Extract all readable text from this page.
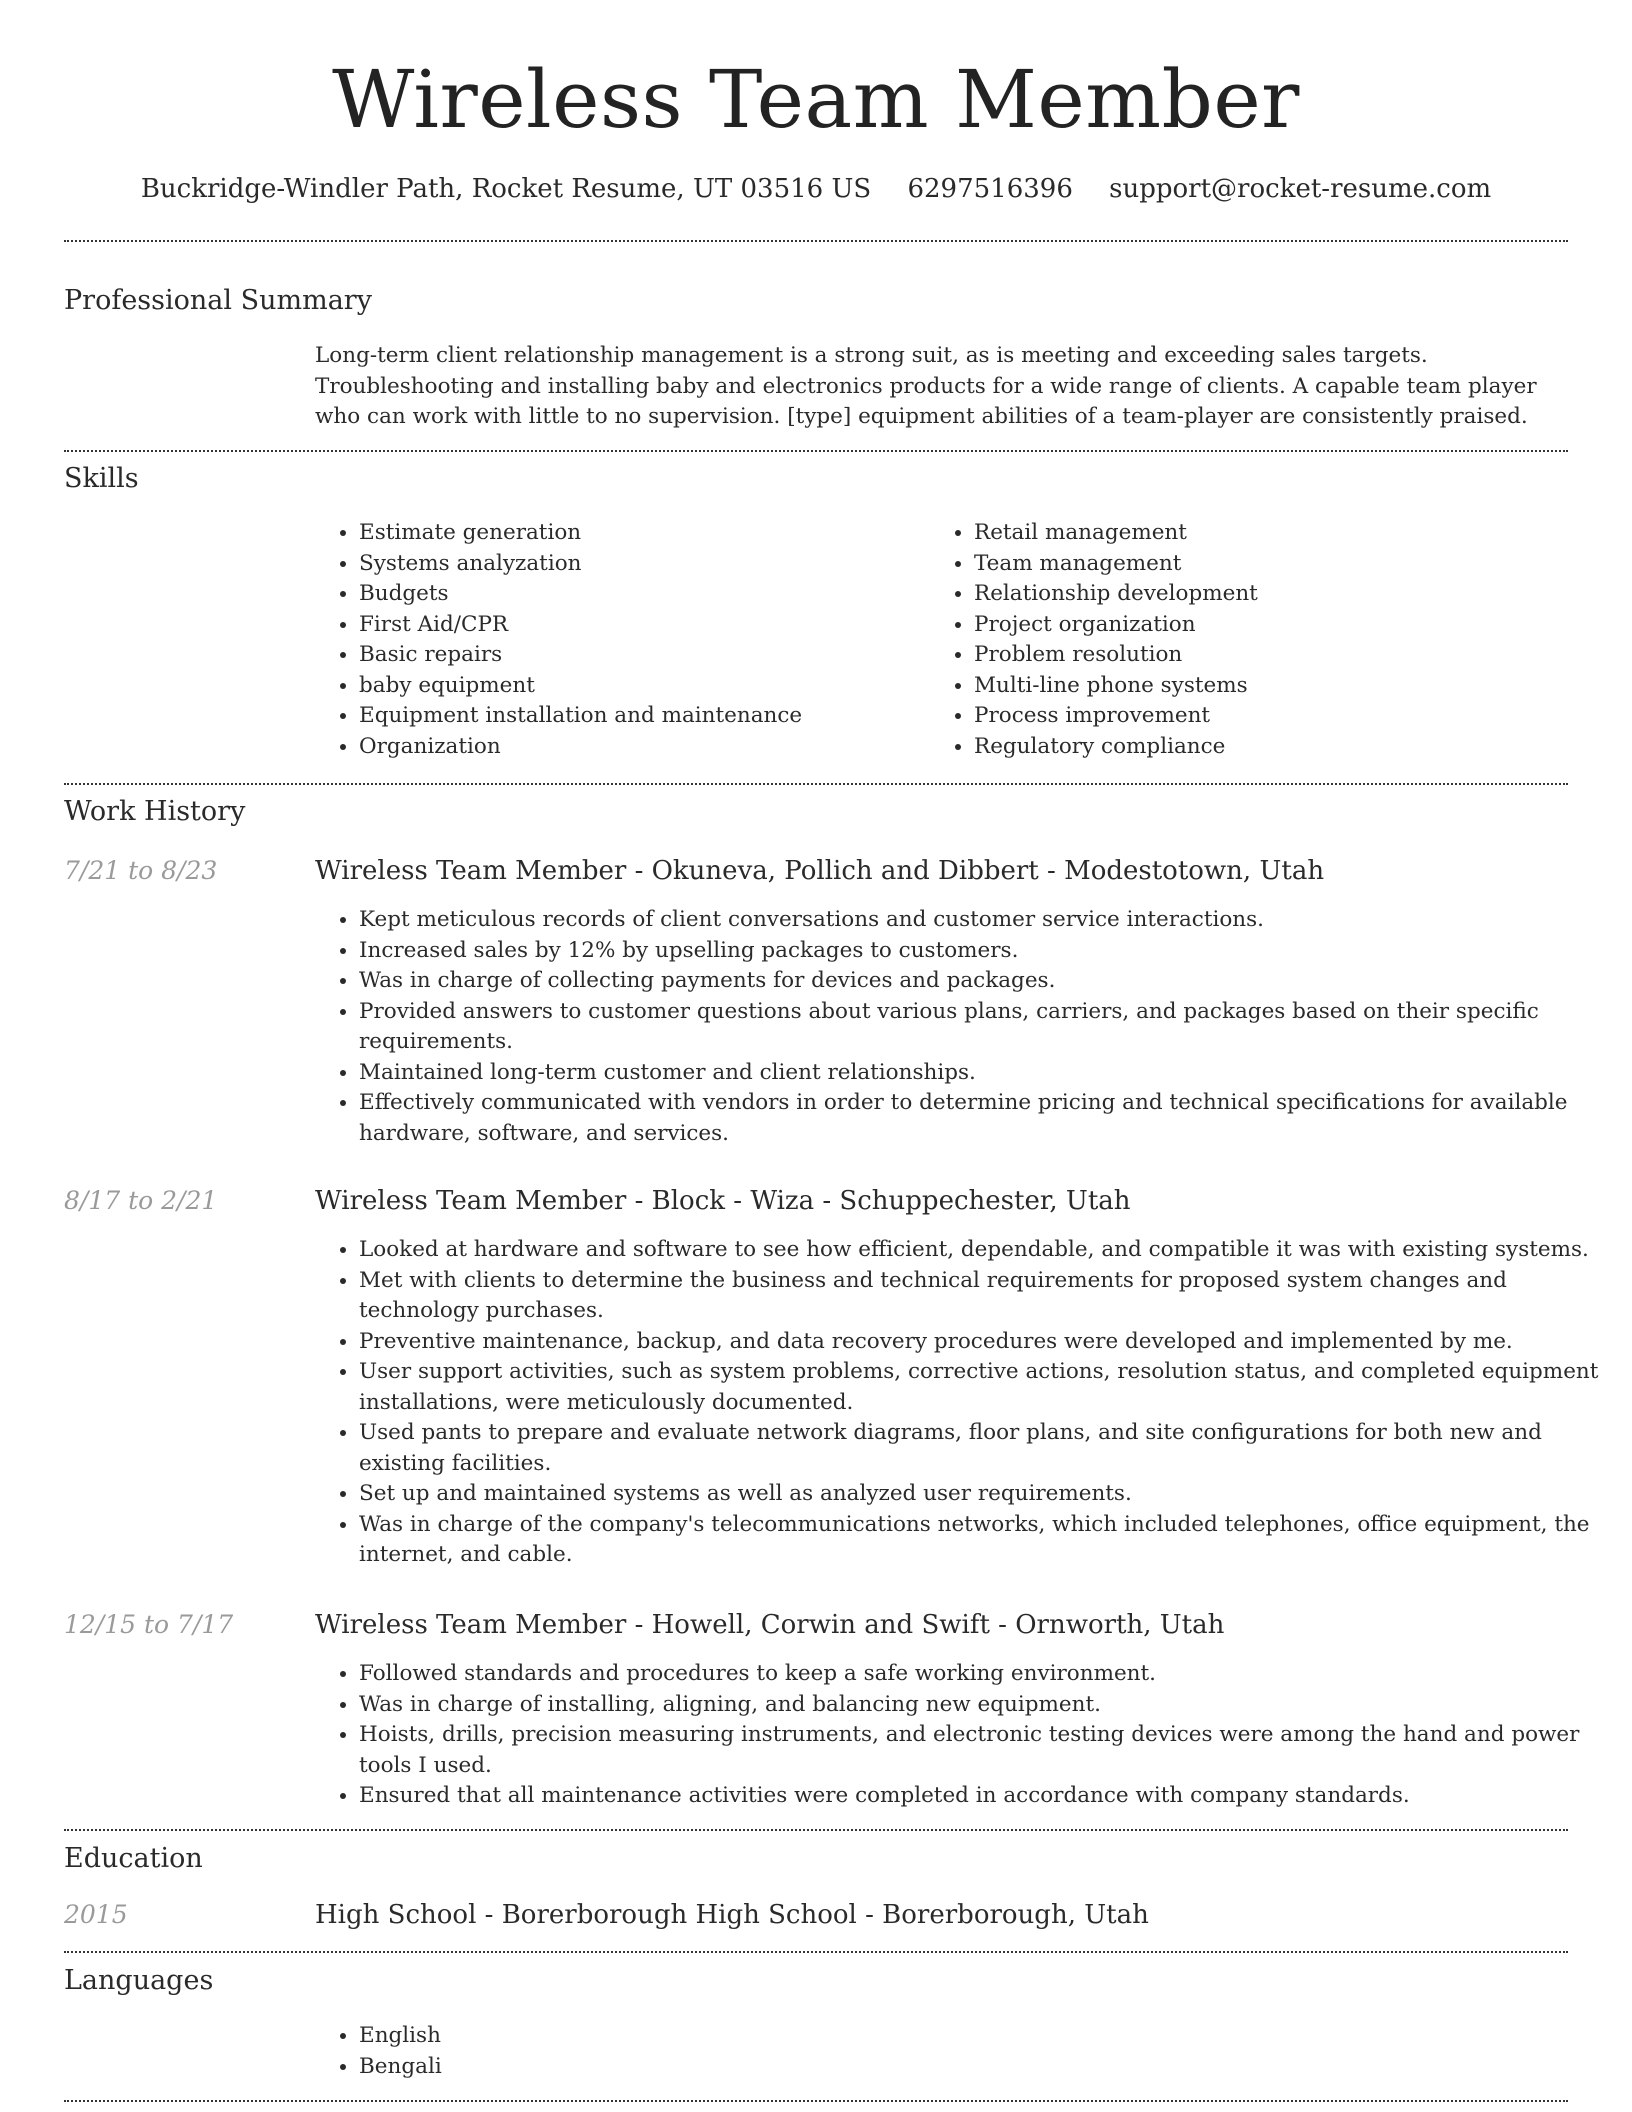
Wireless Team Member
Buckridge-Windler Path, Rocket Resume, UT 03516 US 6297516396 support@rocket-resume.com
Professional Summary

Long-term client relationship management is a strong suit, as is meeting and exceeding sales targets. Troubleshooting and installing baby and electronics products for a wide range of clients. A capable team player who can work with little to no supervision. [type] equipment abilities of a team-player are consistently praised.

Skills
• Estimate generation
• Systems analyzation
• Budgets
• First Aid/CPR
• Basic repairs
• baby equipment
• Equipment installation and maintenance
• Organization
• Retail management
• Team management
• Relationship development
• Project organization
• Problem resolution
• Multi-line phone systems
• Process improvement
• Regulatory compliance
Work History
7/21 to 8/23	Wireless Team Member - Okuneva, Pollich and Dibbert - Modestotown, Utah
• Kept meticulous records of client conversations and customer service interactions.
• Increased sales by 12% by upselling packages to customers.
• Was in charge of collecting payments for devices and packages.
• Provided answers to customer questions about various plans, carriers, and packages based on their specific requirements.
• Maintained long-term customer and client relationships.
• Effectively communicated with vendors in order to determine pricing and technical specifications for available hardware, software, and services.
8/17 to 2/21	Wireless Team Member - Block - Wiza - Schuppechester, Utah
• Looked at hardware and software to see how efficient, dependable, and compatible it was with existing systems.
• Met with clients to determine the business and technical requirements for proposed system changes and technology purchases.
• Preventive maintenance, backup, and data recovery procedures were developed and implemented by me.
• User support activities, such as system problems, corrective actions, resolution status, and completed equipment installations, were meticulously documented.
• Used pants to prepare and evaluate network diagrams, floor plans, and site configurations for both new and existing facilities.
• Set up and maintained systems as well as analyzed user requirements.
• Was in charge of the company's telecommunications networks, which included telephones, office equipment, the internet, and cable.
12/15 to 7/17	Wireless Team Member - Howell, Corwin and Swift - Ornworth, Utah
• Followed standards and procedures to keep a safe working environment.
• Was in charge of installing, aligning, and balancing new equipment.
• Hoists, drills, precision measuring instruments, and electronic testing devices were among the hand and power tools I used.
• Ensured that all maintenance activities were completed in accordance with company standards.
Education
2015	High School - Borerborough High School - Borerborough, Utah
Languages
• English
• Bengali
